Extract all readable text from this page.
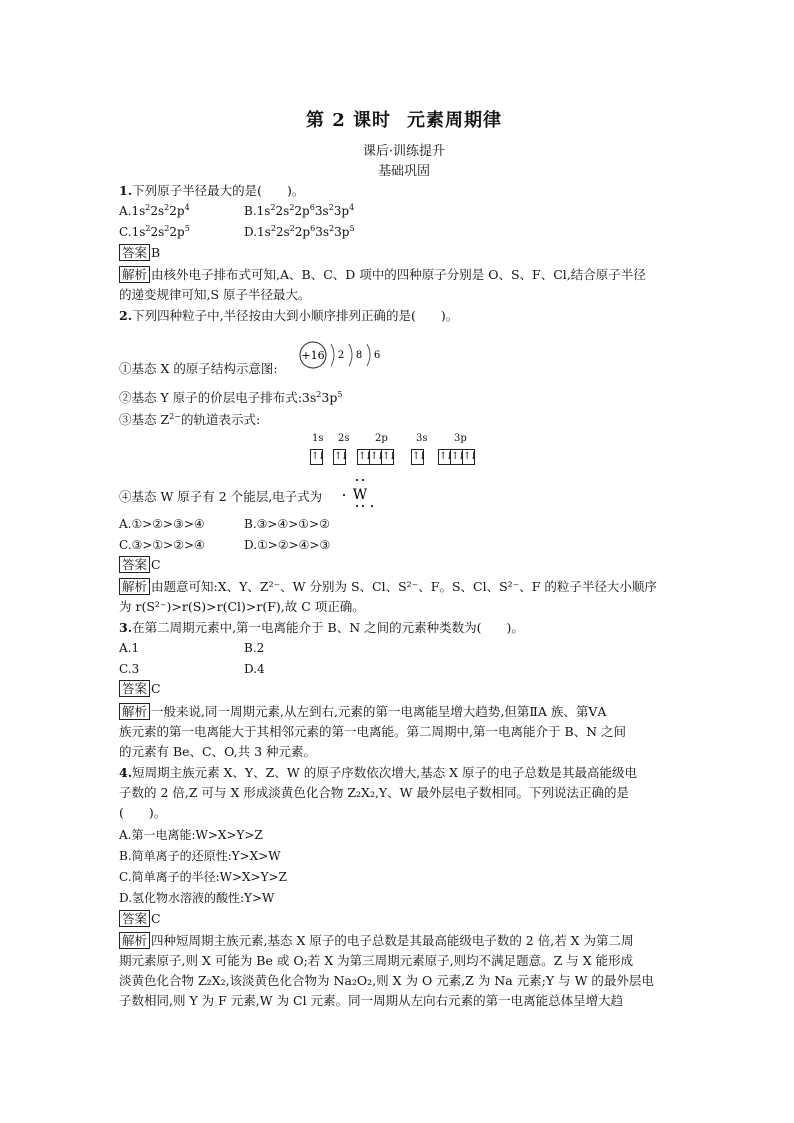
第 2 课时 元素周期律
课后·训练提升
基础巩固
1.下列原子半径最大的是(　　)。
$A.1s^22s^22p^4$	$B.1s^22s^22p^63s^23p^4$
$C.1s^22s^22p^5$	$D.1s^22s^22p^63s^23p^5$
答案 B
解析 由核外电子排布式可知,A、B、C、D 项中的四种原子分别是 O、S、F、Cl,结合原子半径
的递变规律可知,S 原子半径最大。
2.下列四种粒子中,半径按由大到小顺序排列正确的是(　　)。
①基态 X 的原子结构示意图:
+16 2 8 6
②基态 Y 原子的价层电子排布式$:3s^23p^5$
③基态 $Z^{2-}$的轨道表示式:
1s 2s	2p	3s	3p
↑↓ ↑↓ ↑↓ ↑↓ ↑↓ ↑↓ ↑↓ ↑↓ ↑↓
④基态 W 原子有 2 个能层,电子式为 W
A.①>②>③>④	B.③>④>①>②
C.③>①>②>④	D.①>②>④>③
答案 C
解析 由题意可知:X、Y、Z²⁻、W 分别为 S、Cl、S²⁻、F。S、Cl、S²⁻、F 的粒子半径大小顺序
为 r(S²⁻)>r(S)>r(Cl)>r(F),故 C 项正确。
3.在第二周期元素中,第一电离能介于 B、N 之间的元素种类数为(　　)。
A.1	B.2
C.3	D.4
答案 C
解析 一般来说,同一周期元素,从左到右,元素的第一电离能呈增大趋势,但第ⅡA 族、第ⅤA
族元素的第一电离能大于其相邻元素的第一电离能。第二周期中,第一电离能介于 B、N 之间
的元素有 Be、C、O,共 3 种元素。
4.短周期主族元素 X、Y、Z、W 的原子序数依次增大,基态 X 原子的电子总数是其最高能级电
子数的 2 倍,Z 可与 X 形成淡黄色化合物 Z₂X₂,Y、W 最外层电子数相同。下列说法正确的是
(　　)。
A.第一电离能:W>X>Y>Z
B.简单离子的还原性:Y>X>W
C.简单离子的半径:W>X>Y>Z
D.氢化物水溶液的酸性:Y>W
答案 C
解析 四种短周期主族元素,基态 X 原子的电子总数是其最高能级电子数的 2 倍,若 X 为第二周
期元素原子,则 X 可能为 Be 或 O;若 X 为第三周期元素原子,则均不满足题意。Z 与 X 能形成
淡黄色化合物 Z₂X₂,该淡黄色化合物为 Na₂O₂,则 X 为 O 元素,Z 为 Na 元素;Y 与 W 的最外层电
子数相同,则 Y 为 F 元素,W 为 Cl 元素。同一周期从左向右元素的第一电离能总体呈增大趋
